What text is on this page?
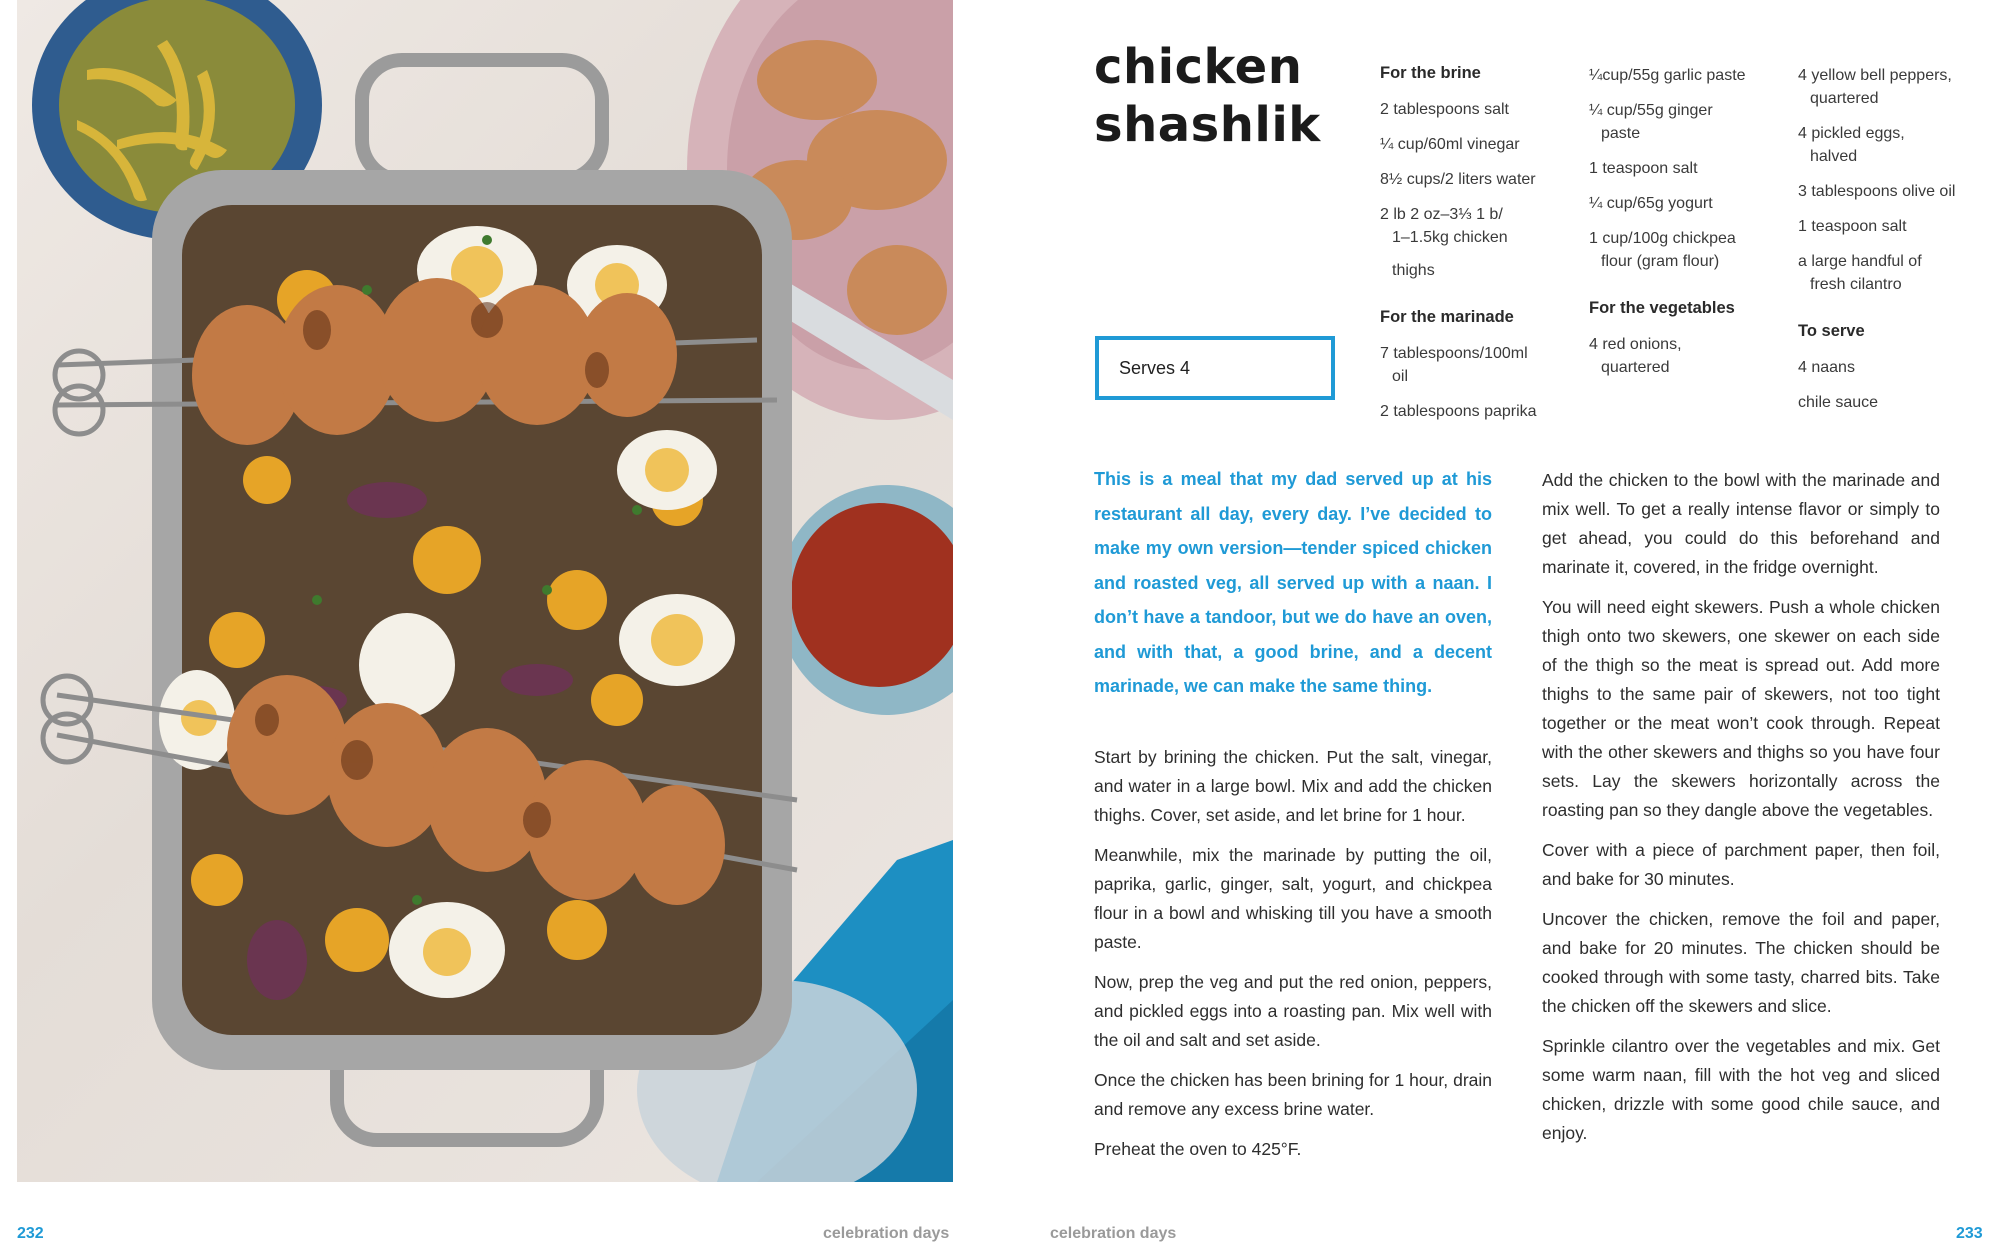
chicken
shashlik
Serves 4
For the brine
2 tablespoons salt
¼ cup/60ml vinegar
8½ cups/2 liters water
2 lb 2 oz–3⅓ 1 b/
1–1.5kg chicken
thighs
For the marinade
7 tablespoons/100ml
oil
2 tablespoons paprika
¼cup/55g garlic paste
¼ cup/55g ginger
paste
1 teaspoon salt
¼ cup/65g yogurt
1 cup/100g chickpea
flour (gram flour)
For the vegetables
4 red onions,
quartered
4 yellow bell peppers,
quartered
4 pickled eggs,
halved
3 tablespoons olive oil
1 teaspoon salt
a large handful of
fresh cilantro
To serve
4 naans
chile sauce

This is a meal that my dad served up at his restaurant all day, every day. I’ve decided to make my own version—tender spiced chicken and roasted veg, all served up with a naan. I don’t have a tandoor, but we do have an oven, and with that, a good brine, and a decent marinade, we can make the same thing.

Start by brining the chicken. Put the salt, vinegar, and water in a large bowl. Mix and add the chicken thighs. Cover, set aside, and let brine for 1 hour.

Meanwhile, mix the marinade by putting the oil, paprika, garlic, ginger, salt, yogurt, and chickpea flour in a bowl and whisking till you have a smooth paste.

Now, prep the veg and put the red onion, peppers, and pickled eggs into a roasting pan. Mix well with the oil and salt and set aside.

Once the chicken has been brining for 1 hour, drain and remove any excess brine water.

Preheat the oven to 425°F.

Add the chicken to the bowl with the marinade and mix well. To get a really intense flavor or simply to get ahead, you could do this beforehand and marinate it, covered, in the fridge overnight.

You will need eight skewers. Push a whole chicken thigh onto two skewers, one skewer on each side of the thigh so the meat is spread out. Add more thighs to the same pair of skewers, not too tight together or the meat won’t cook through. Repeat with the other skewers and thighs so you have four sets. Lay the skewers horizontally across the roasting pan so they dangle above the vegetables.

Cover with a piece of parchment paper, then foil, and bake for 30 minutes.

Uncover the chicken, remove the foil and paper, and bake for 20 minutes. The chicken should be cooked through with some tasty, charred bits. Take the chicken off the skewers and slice.

Sprinkle cilantro over the vegetables and mix. Get some warm naan, fill with the hot veg and sliced chicken, drizzle with some good chile sauce, and enjoy.

232	celebration days	celebration days	233
